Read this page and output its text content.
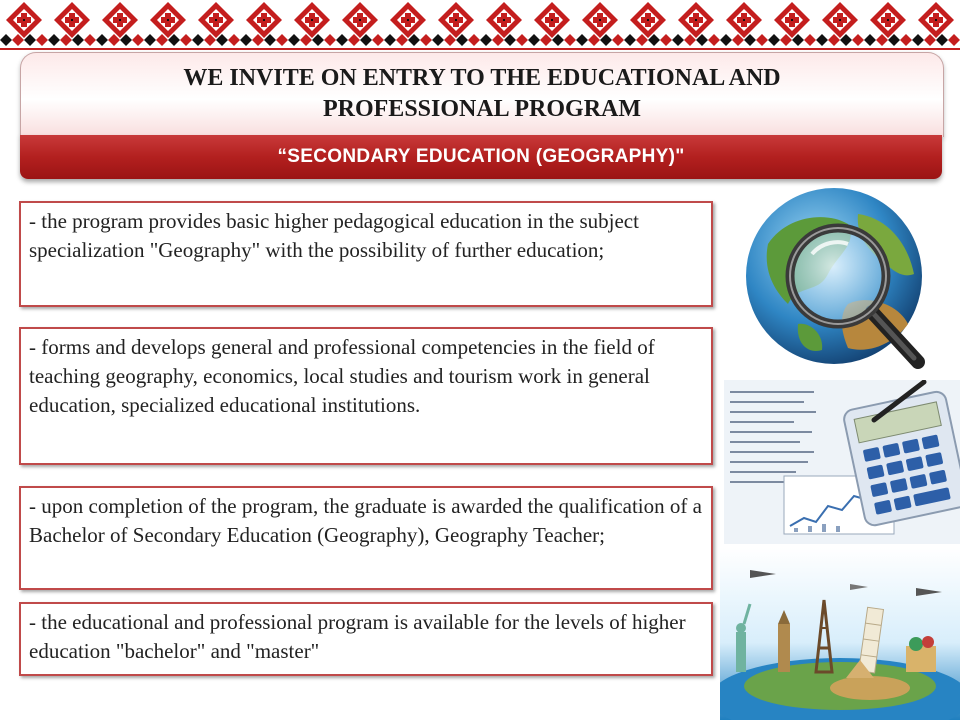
WE INVITE ON ENTRY TO THE EDUCATIONAL AND
PROFESSIONAL PROGRAM
“SECONDARY EDUCATION (GEOGRAPHY)"
- the program provides basic higher pedagogical education in the subject specialization "Geography" with the possibility of further education;
- forms and develops general and professional competencies in the field of teaching geography, economics, local studies and tourism work in general education, specialized educational institutions.
- upon completion of the program, the graduate is awarded the qualification of a Bachelor of Secondary Education (Geography), Geography Teacher;
- the educational and professional program is available for the levels of higher education "bachelor" and "master"
